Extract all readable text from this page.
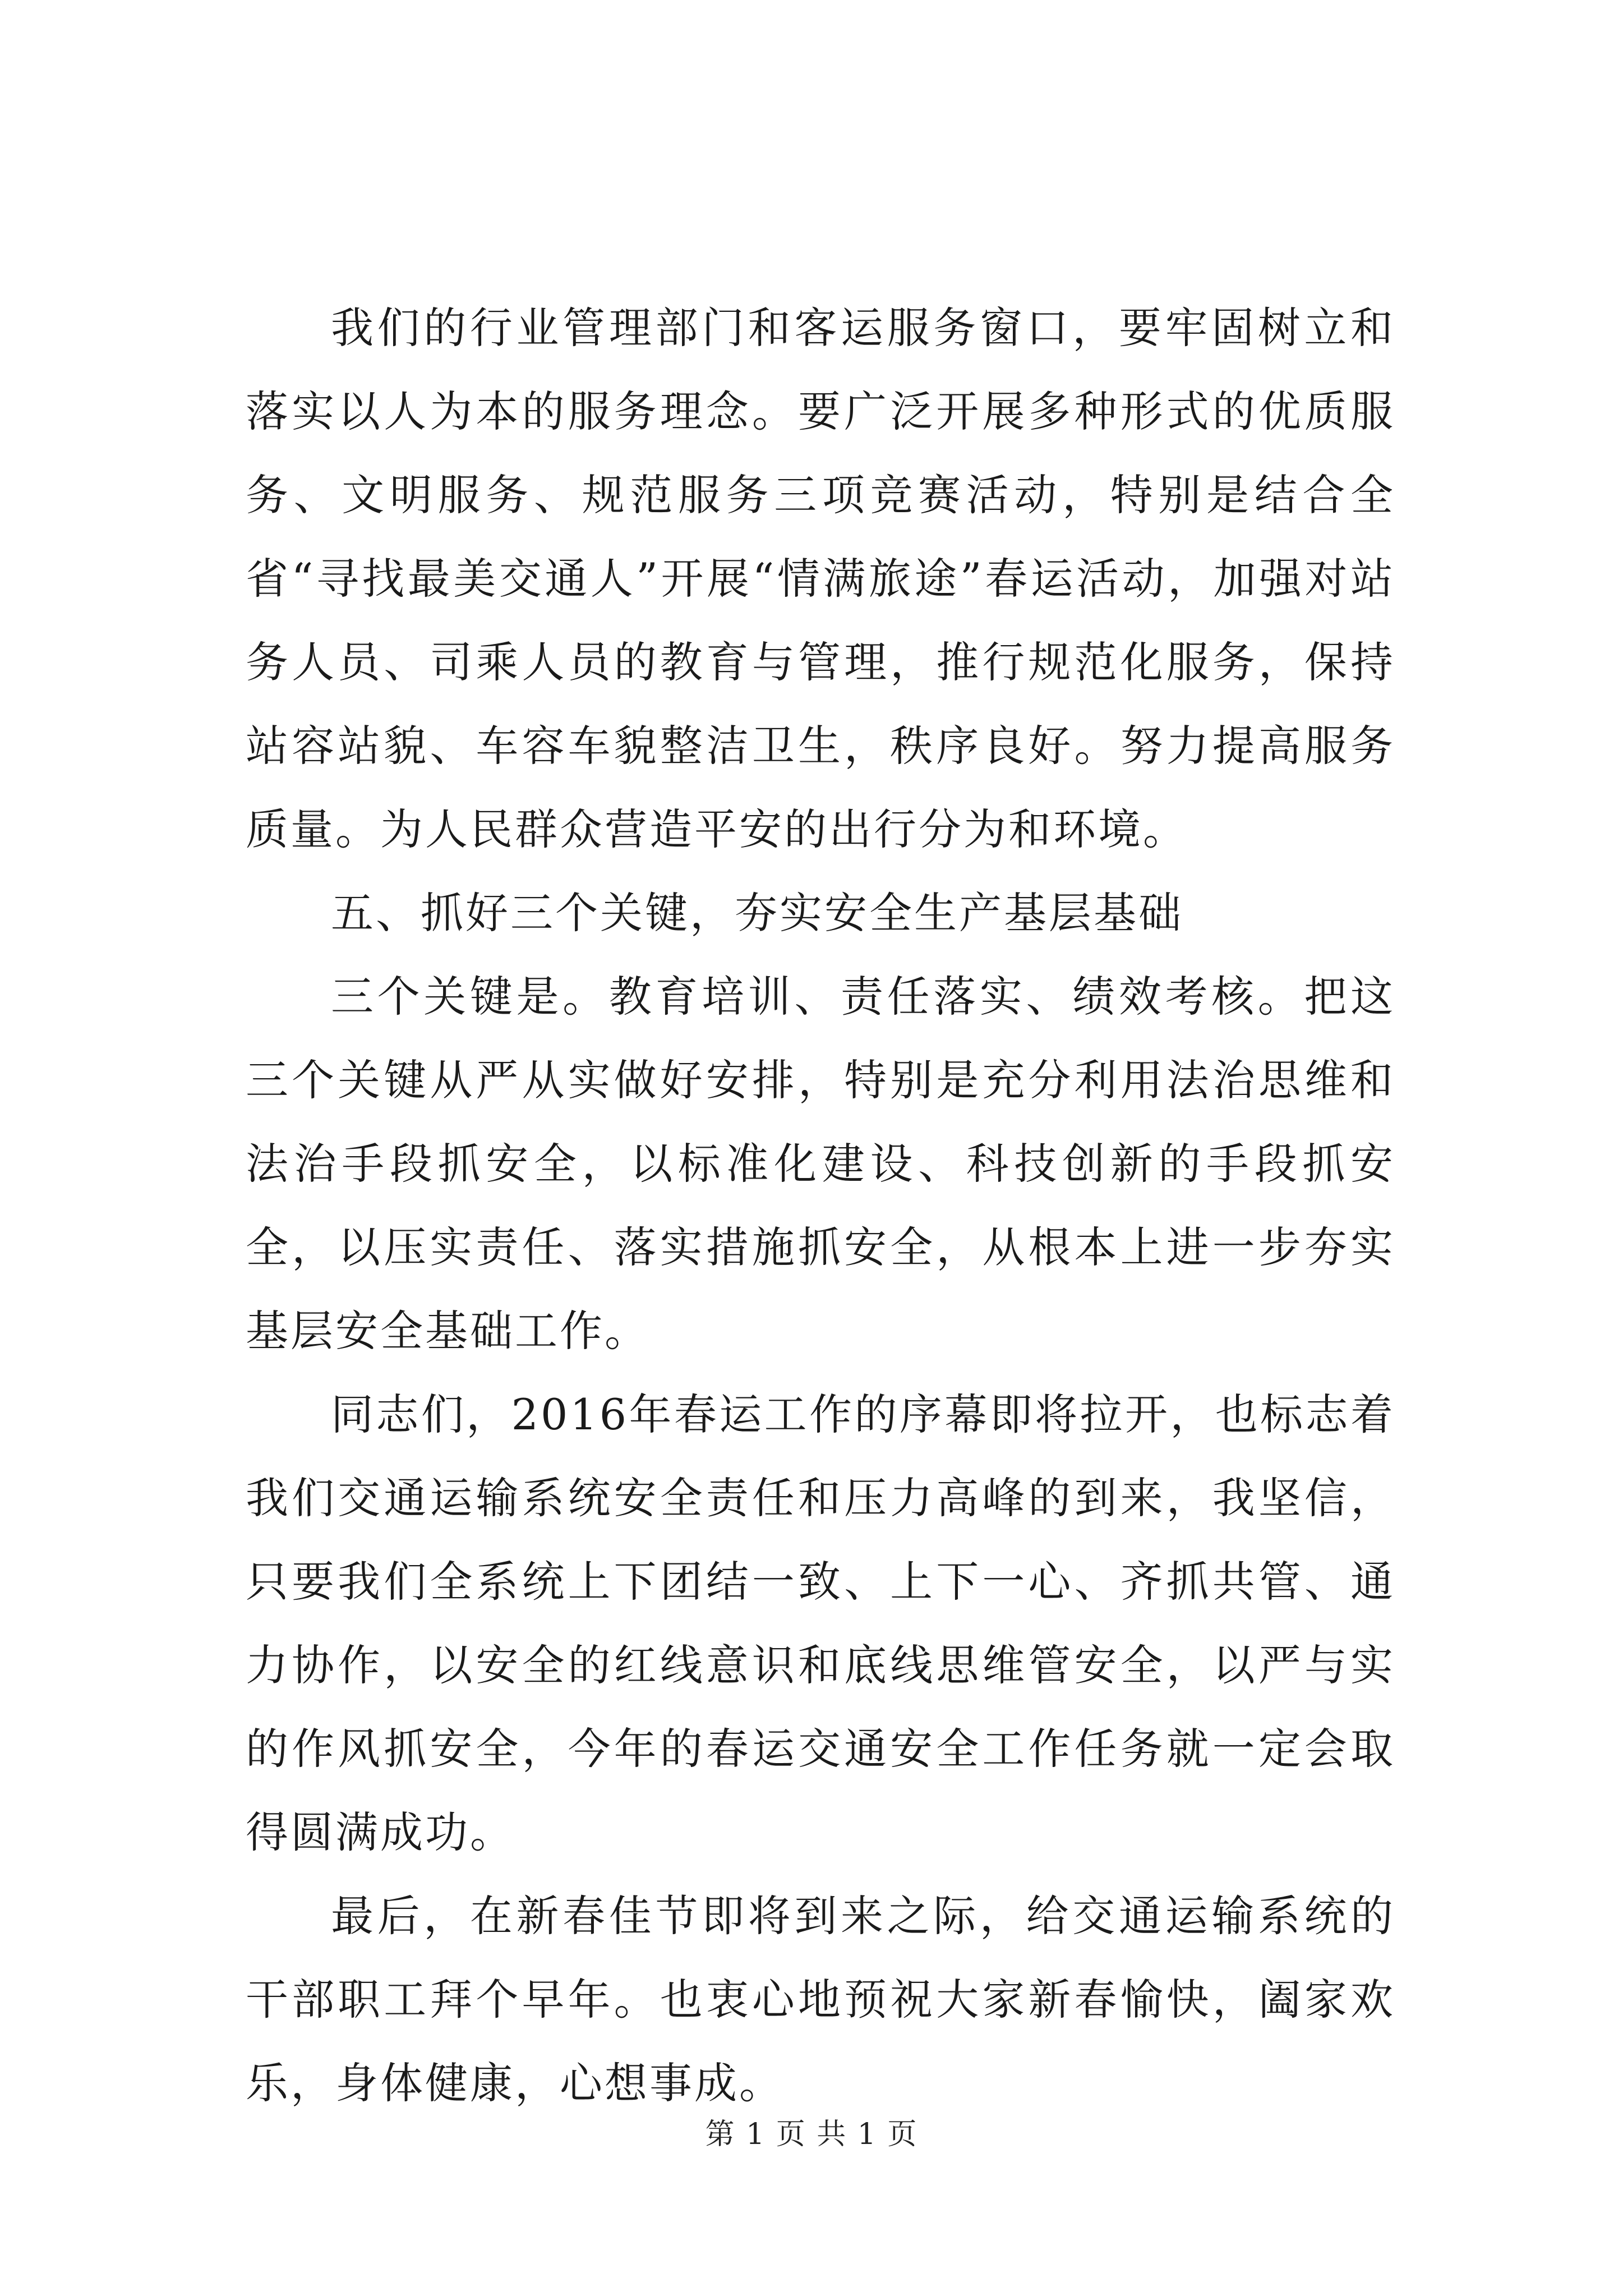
我们的行业管理部门和客运服务窗口，要牢固树立和落实以人为本的服务理念。要广泛开展多种形式的优质服务、文明服务、规范服务三项竞赛活动，特别是结合全省“寻找最美交通人”开展“情满旅途”春运活动，加强对站务人员、司乘人员的教育与管理，推行规范化服务，保持站容站貌、车容车貌整洁卫生，秩序良好。努力提高服务质量。为人民群众营造平安的出行分为和环境。

五、抓好三个关键，夯实安全生产基层基础

三个关键是。教育培训、责任落实、绩效考核。把这三个关键从严从实做好安排，特别是充分利用法治思维和法治手段抓安全，以标准化建设、科技创新的手段抓安全，以压实责任、落实措施抓安全，从根本上进一步夯实基层安全基础工作。

同志们，2016年春运工作的序幕即将拉开，也标志着我们交通运输系统安全责任和压力高峰的到来，我坚信，只要我们全系统上下团结一致、上下一心、齐抓共管、通力协作，以安全的红线意识和底线思维管安全，以严与实的作风抓安全，今年的春运交通安全工作任务就一定会取得圆满成功。

最后，在新春佳节即将到来之际，给交通运输系统的干部职工拜个早年。也衷心地预祝大家新春愉快，阖家欢乐，身体健康，心想事成。

第 1 页 共 1 页
